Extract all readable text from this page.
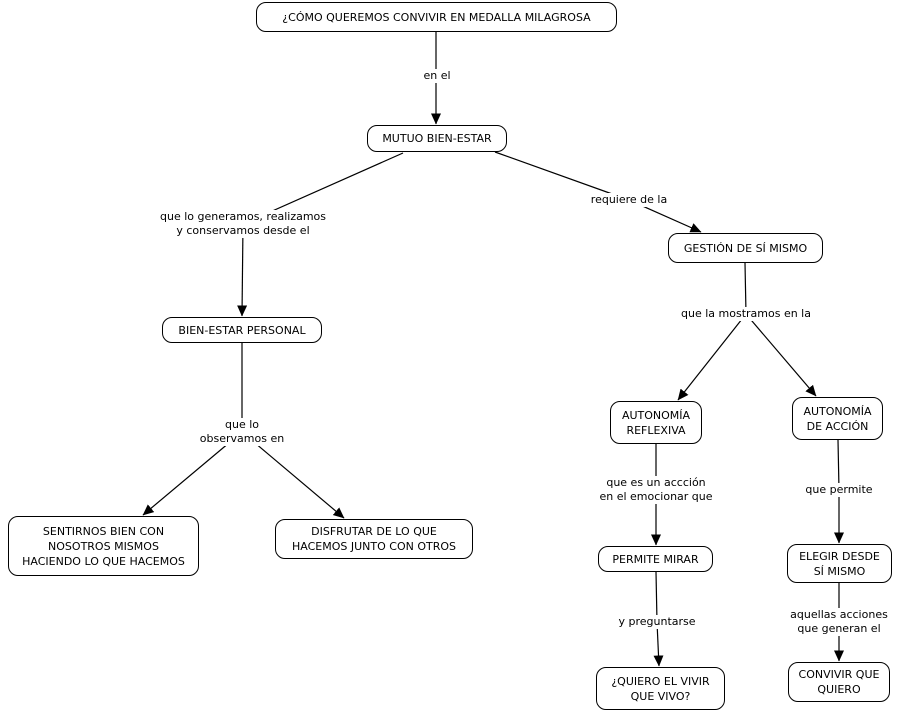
en el
que lo generamos, realizamos
y conservamos desde el
requiere de la
que la mostramos en la
que lo
observamos en
que es un accción
en el emocionar que
que permite
y preguntarse
aquellas acciones
que generan el
¿CÓMO QUEREMOS CONVIVIR EN MEDALLA MILAGROSA
MUTUO BIEN-ESTAR
GESTIÓN DE SÍ MISMO
BIEN-ESTAR PERSONAL
SENTIRNOS BIEN CON
NOSOTROS MISMOS
HACIENDO LO QUE HACEMOS
DISFRUTAR DE LO QUE
HACEMOS JUNTO CON OTROS
AUTONOMÍA
REFLEXIVA
AUTONOMÍA
DE ACCIÓN
PERMITE MIRAR	ELEGIR DESDE
SÍ MISMO
¿QUIERO EL VIVIR
QUE VIVO?
CONVIVIR QUE
QUIERO
